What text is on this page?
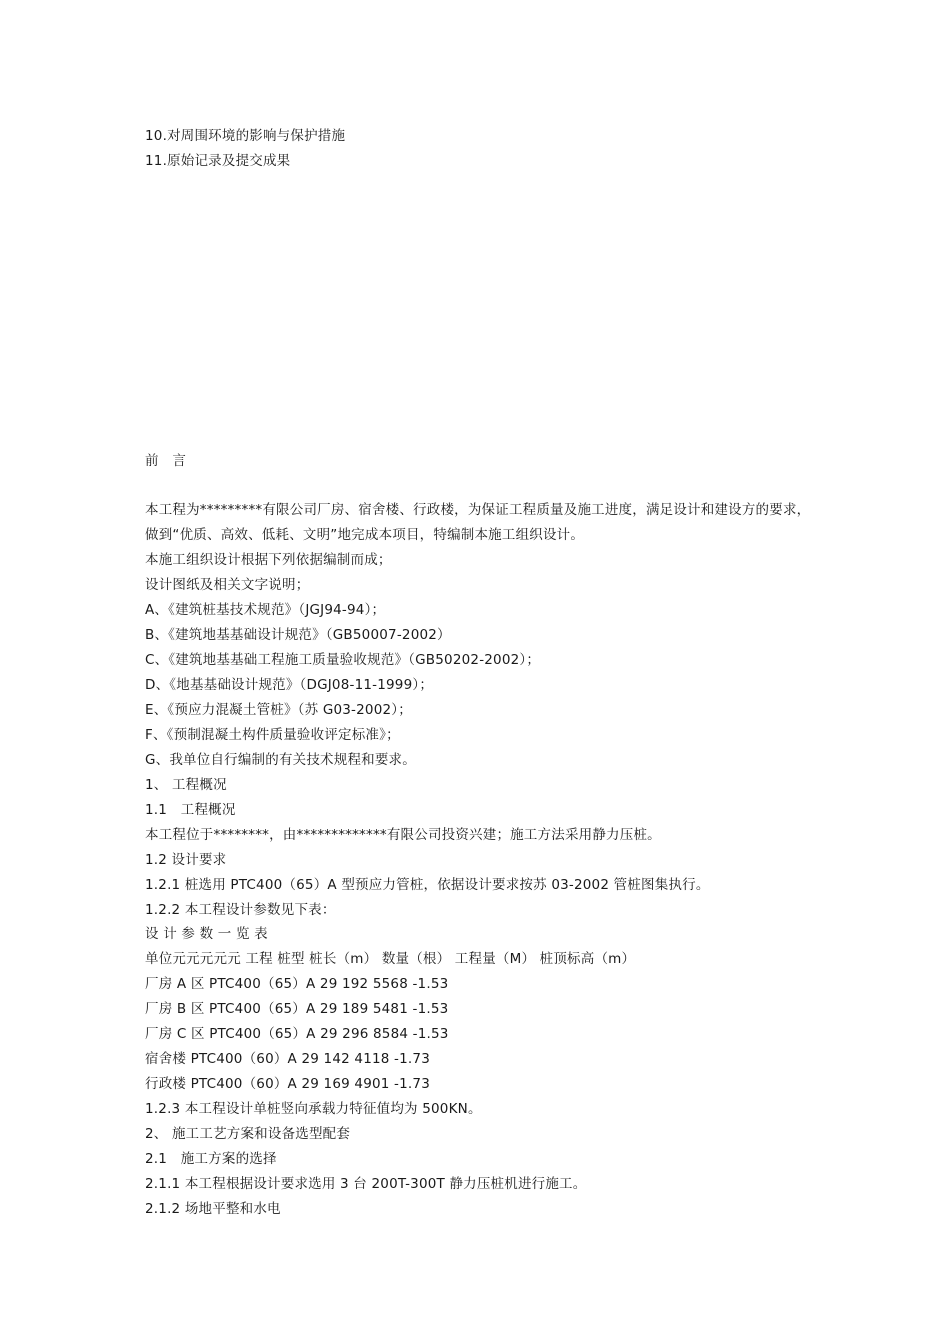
10.对周围环境的影响与保护措施
11.原始记录及提交成果
前　言
本工程为*********有限公司厂房、宿舍楼、行政楼，为保证工程质量及施工进度，满足设计和建设方的要求，
做到“优质、高效、低耗、文明”地完成本项目，特编制本施工组织设计。
本施工组织设计根据下列依据编制而成；
设计图纸及相关文字说明；
A、《建筑桩基技术规范》（JGJ94-94）；
B、《建筑地基基础设计规范》（GB50007-2002）
C、《建筑地基基础工程施工质量验收规范》（GB50202-2002）；
D、《地基基础设计规范》（DGJ08-11-1999）；
E、《预应力混凝土管桩》（苏 G03-2002）；
F、《预制混凝土构件质量验收评定标准》；
G、我单位自行编制的有关技术规程和要求。
1、 工程概况
1.1　工程概况
本工程位于********，由*************有限公司投资兴建；施工方法采用静力压桩。
1.2 设计要求
1.2.1 桩选用 PTC400（65）A 型预应力管桩，依据设计要求按苏 03-2002 管桩图集执行。
1.2.2 本工程设计参数见下表：
设 计 参 数 一 览 表
单位元元元元元 工程 桩型 桩长（m） 数量（根） 工程量（M） 桩顶标高（m）
厂房 A 区 PTC400（65）A 29 192 5568 -1.53
厂房 B 区 PTC400（65）A 29 189 5481 -1.53
厂房 C 区 PTC400（65）A 29 296 8584 -1.53
宿舍楼 PTC400（60）A 29 142 4118 -1.73
行政楼 PTC400（60）A 29 169 4901 -1.73
1.2.3 本工程设计单桩竖向承载力特征值均为 500KN。
2、 施工工艺方案和设备选型配套
2.1　施工方案的选择
2.1.1 本工程根据设计要求选用 3 台 200T-300T 静力压桩机进行施工。
2.1.2 场地平整和水电
